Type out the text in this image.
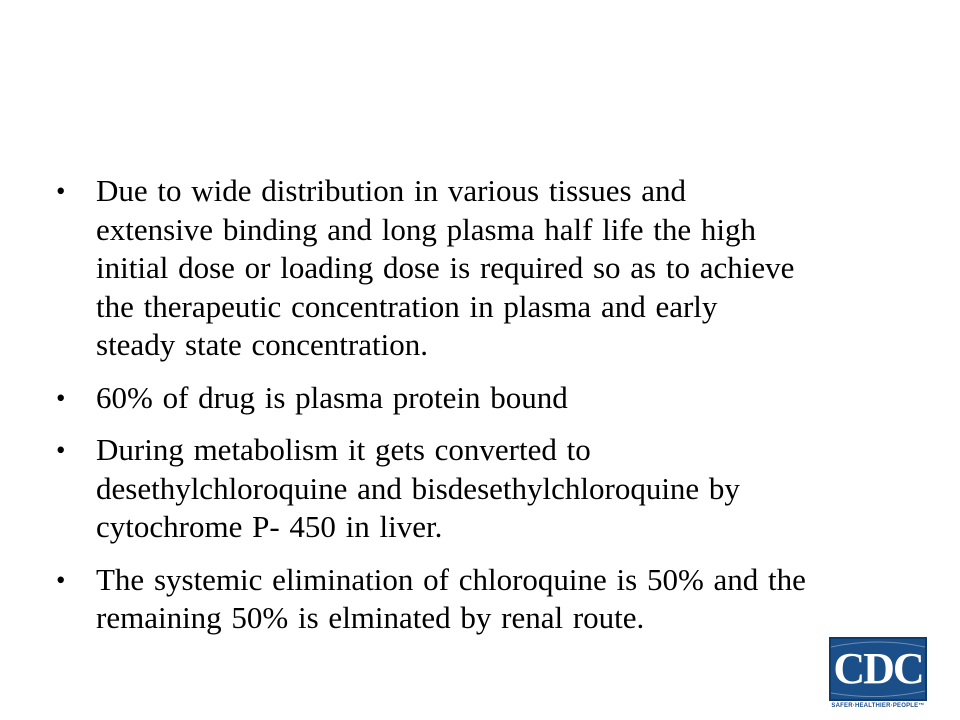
• Due to wide distribution in various tissues and
extensive binding and long plasma half life the high
initial dose or loading dose is required so as to achieve
the therapeutic concentration in plasma and early
steady state concentration.
• 60% of drug is plasma protein bound
• During metabolism it gets converted to
desethylchloroquine and bisdesethylchloroquine by
cytochrome P- 450 in liver.
• The systemic elimination of chloroquine is 50% and the
remaining 50% is elminated by renal route.
CDC
SAFER·HEALTHIER·PEOPLE™
